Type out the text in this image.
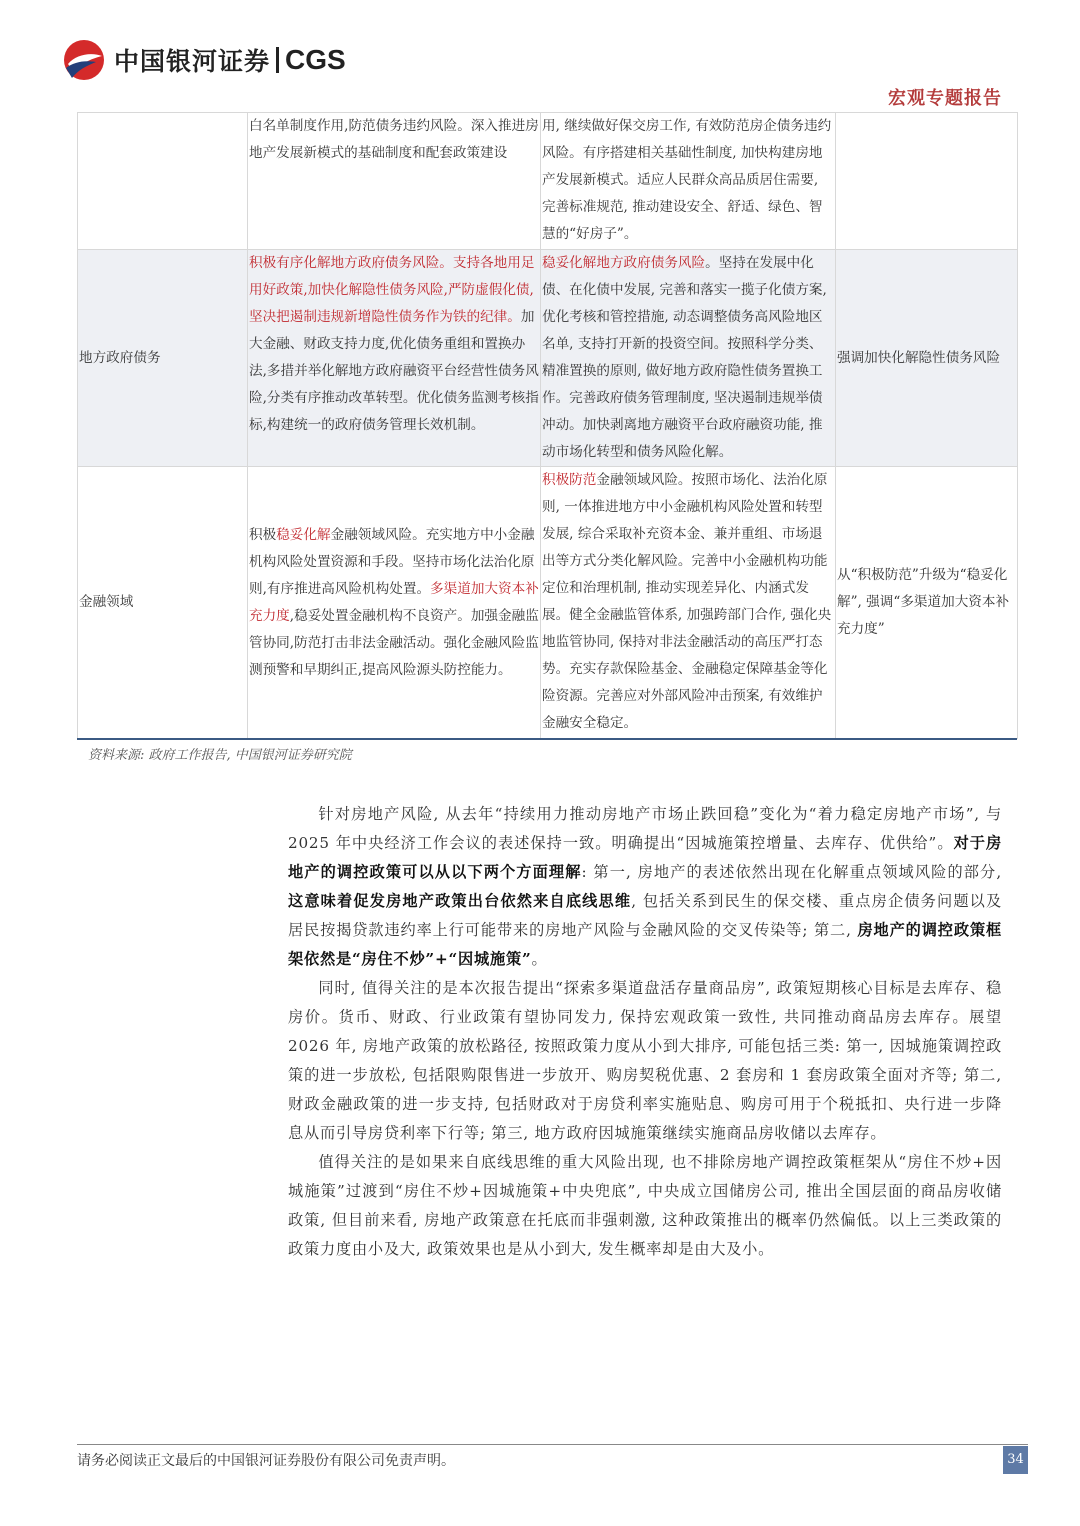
中国银河证券 CGS
宏观专题报告
	白名单制度作用,防范债务违约风险。深入推进房地产发展新模式的基础制度和配套政策建设	用, 继续做好保交房工作, 有效防范房企债务违约风险。有序搭建相关基础性制度, 加快构建房地产发展新模式。适应人民群众高品质居住需要, 完善标准规范, 推动建设安全、舒适、绿色、智慧的“好房子”。	
地方政府债务	积极有序化解地方政府债务风险。支持各地用足用好政策,加快化解隐性债务风险,严防虚假化债,坚决把遏制违规新增隐性债务作为铁的纪律。加大金融、财政支持力度,优化债务重组和置换办法,多措并举化解地方政府融资平台经营性债务风险,分类有序推动改革转型。优化债务监测考核指标,构建统一的政府债务管理长效机制。	稳妥化解地方政府债务风险。坚持在发展中化债、在化债中发展, 完善和落实一揽子化债方案, 优化考核和管控措施, 动态调整债务高风险地区名单, 支持打开新的投资空间。按照科学分类、精准置换的原则, 做好地方政府隐性债务置换工作。完善政府债务管理制度, 坚决遏制违规举债冲动。加快剥离地方融资平台政府融资功能, 推动市场化转型和债务风险化解。	强调加快化解隐性债务风险
金融领域	积极稳妥化解金融领域风险。充实地方中小金融机构风险处置资源和手段。坚持市场化法治化原则,有序推进高风险机构处置。多渠道加大资本补充力度,稳妥处置金融机构不良资产。加强金融监管协同,防范打击非法金融活动。强化金融风险监测预警和早期纠正,提高风险源头防控能力。	积极防范金融领域风险。按照市场化、法治化原则, 一体推进地方中小金融机构风险处置和转型发展, 综合采取补充资本金、兼并重组、市场退出等方式分类化解风险。完善中小金融机构功能定位和治理机制, 推动实现差异化、内涵式发展。健全金融监管体系, 加强跨部门合作, 强化央地监管协同, 保持对非法金融活动的高压严打态势。充实存款保险基金、金融稳定保障基金等化险资源。完善应对外部风险冲击预案, 有效维护金融安全稳定。	从“积极防范”升级为“稳妥化解”, 强调“多渠道加大资本补充力度”
资料来源: 政府工作报告, 中国银河证券研究院

针对房地产风险, 从去年“持续用力推动房地产市场止跌回稳”变化为“着力稳定房地产市场”, 与 2025 年中央经济工作会议的表述保持一致。明确提出“因城施策控增量、去库存、优供给”。对于房地产的调控政策可以从以下两个方面理解: 第一, 房地产的表述依然出现在化解重点领域风险的部分, 这意味着促发房地产政策出台依然来自底线思维, 包括关系到民生的保交楼、重点房企债务问题以及居民按揭贷款违约率上行可能带来的房地产风险与金融风险的交叉传染等; 第二, 房地产的调控政策框架依然是“房住不炒”+“因城施策”。

同时, 值得关注的是本次报告提出“探索多渠道盘活存量商品房”, 政策短期核心目标是去库存、稳房价。货币、财政、行业政策有望协同发力, 保持宏观政策一致性, 共同推动商品房去库存。展望 2026 年, 房地产政策的放松路径, 按照政策力度从小到大排序, 可能包括三类: 第一, 因城施策调控政策的进一步放松, 包括限购限售进一步放开、购房契税优惠、2 套房和 1 套房政策全面对齐等; 第二, 财政金融政策的进一步支持, 包括财政对于房贷利率实施贴息、购房可用于个税抵扣、央行进一步降息从而引导房贷利率下行等; 第三, 地方政府因城施策继续实施商品房收储以去库存。

值得关注的是如果来自底线思维的重大风险出现, 也不排除房地产调控政策框架从“房住不炒+因城施策”过渡到“房住不炒+因城施策+中央兜底”, 中央成立国储房公司, 推出全国层面的商品房收储政策, 但目前来看, 房地产政策意在托底而非强刺激, 这种政策推出的概率仍然偏低。以上三类政策的政策力度由小及大, 政策效果也是从小到大, 发生概率却是由大及小。

请务必阅读正文最后的中国银河证券股份有限公司免责声明。	34
